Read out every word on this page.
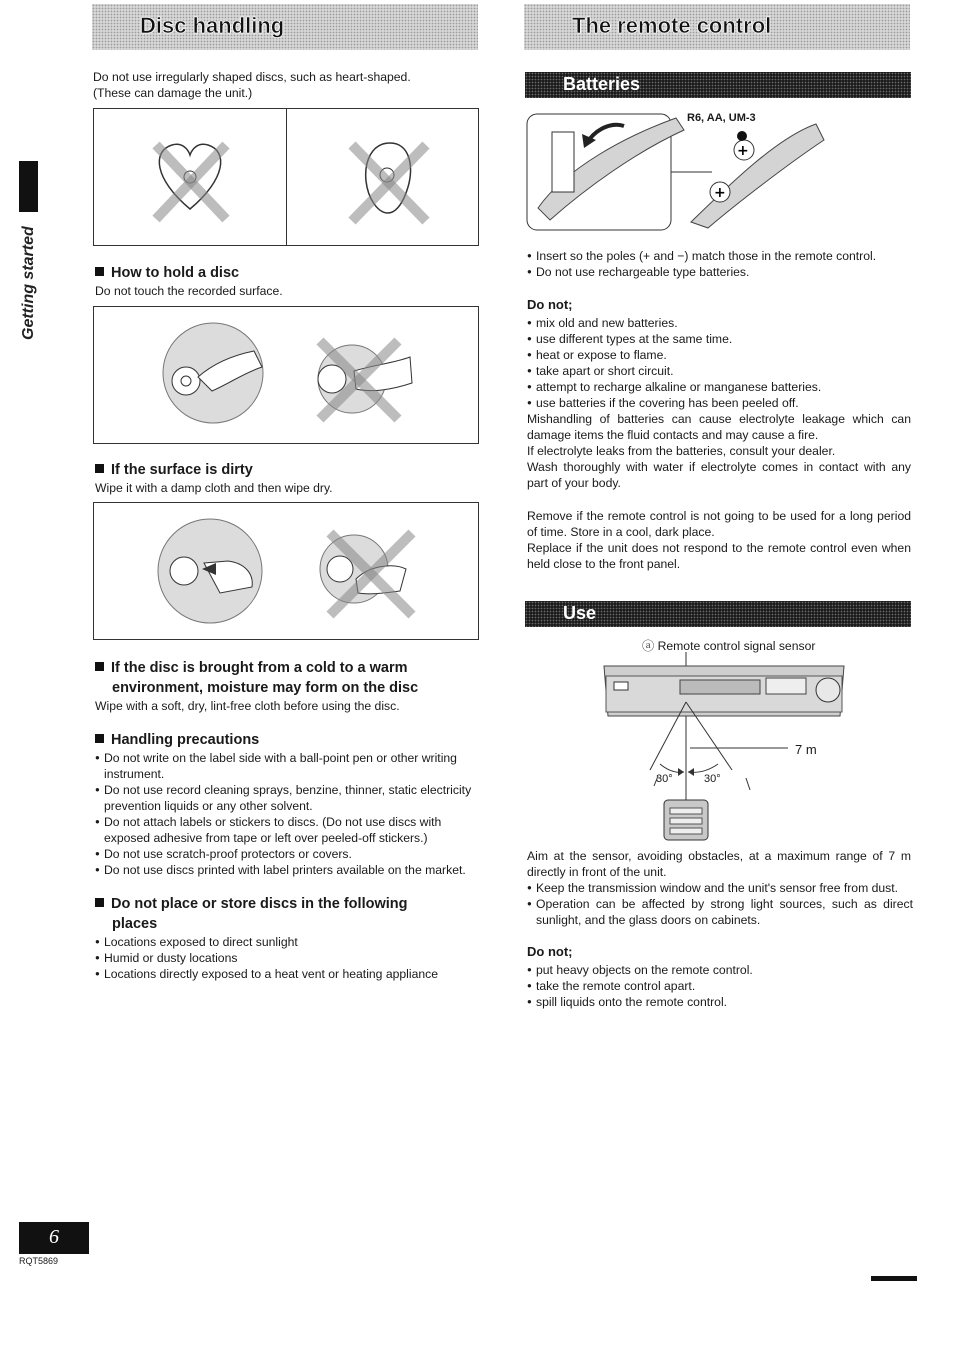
Getting started
Disc handling
Do not use irregularly shaped discs, such as heart-shaped.
(These can damage the unit.)
How to hold a disc
Do not touch the recorded surface.
If the surface is dirty
Wipe it with a damp cloth and then wipe dry.
If the disc is brought from a cold to a warm
environment, moisture may form on the disc
Wipe with a soft, dry, lint-free cloth before using the disc.
Handling precautions
● Do not write on the label side with a ball-point pen or other writing instrument.
● Do not use record cleaning sprays, benzine, thinner, static electricity prevention liquids or any other solvent.
● Do not attach labels or stickers to discs. (Do not use discs with exposed adhesive from tape or left over peeled-off stickers.)
● Do not use scratch-proof protectors or covers.
● Do not use discs printed with label printers available on the market.
Do not place or store discs in the following
places
● Locations exposed to direct sunlight
● Humid or dusty locations
● Locations directly exposed to a heat vent or heating appliance
The remote control
Batteries
+
+
R6, AA, UM-3
● Insert so the poles (+ and −) match those in the remote control.
● Do not use rechargeable type batteries.
Do not;
● mix old and new batteries.
● use different types at the same time.
● heat or expose to flame.
● take apart or short circuit.
● attempt to recharge alkaline or manganese batteries.
● use batteries if the covering has been peeled off.
Mishandling of batteries can cause electrolyte leakage which can damage items the fluid contacts and may cause a fire.
If electrolyte leaks from the batteries, consult your dealer.
Wash thoroughly with water if electrolyte comes in contact with any part of your body.
Remove if the remote control is not going to be used for a long period of time. Store in a cool, dark place.
Replace if the unit does not respond to the remote control even when held close to the front panel.
Use
ⓐ Remote control signal sensor
7 m
30°	30°
Aim at the sensor, avoiding obstacles, at a maximum range of 7 m directly in front of the unit.
● Keep the transmission window and the unit's sensor free from dust.
● Operation can be affected by strong light sources, such as direct sunlight, and the glass doors on cabinets.
Do not;
● put heavy objects on the remote control.
● take the remote control apart.
● spill liquids onto the remote control.
6
RQT5869
